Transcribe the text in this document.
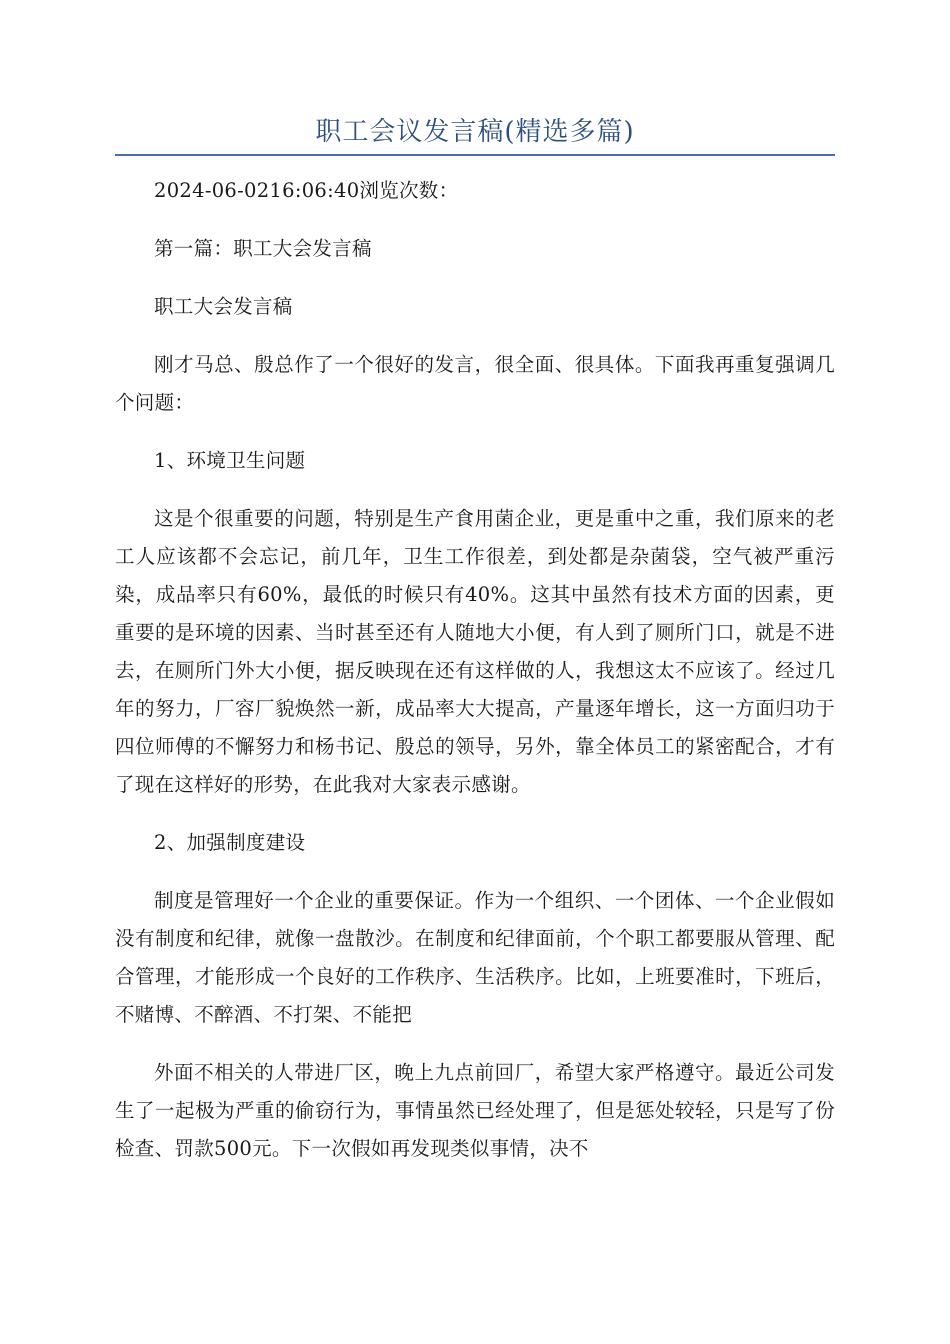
职工会议发言稿(精选多篇)

2024-06-0216:06:40浏览次数：

第一篇：职工大会发言稿

职工大会发言稿

刚才马总、殷总作了一个很好的发言，很全面、很具体。下面我再重复强调几个问题：

1、环境卫生问题

这是个很重要的问题，特别是生产食用菌企业，更是重中之重，我们原来的老工人应该都不会忘记，前几年，卫生工作很差，到处都是杂菌袋，空气被严重污染，成品率只有60%，最低的时候只有40%。这其中虽然有技术方面的因素，更重要的是环境的因素、当时甚至还有人随地大小便，有人到了厕所门口，就是不进去，在厕所门外大小便，据反映现在还有这样做的人，我想这太不应该了。经过几年的努力，厂容厂貌焕然一新，成品率大大提高，产量逐年增长，这一方面归功于四位师傅的不懈努力和杨书记、殷总的领导，另外，靠全体员工的紧密配合，才有了现在这样好的形势，在此我对大家表示感谢。

2、加强制度建设

制度是管理好一个企业的重要保证。作为一个组织、一个团体、一个企业假如没有制度和纪律，就像一盘散沙。在制度和纪律面前，个个职工都要服从管理、配合管理，才能形成一个良好的工作秩序、生活秩序。比如，上班要准时，下班后，不赌博、不醉酒、不打架、不能把

外面不相关的人带进厂区，晚上九点前回厂，希望大家严格遵守。最近公司发生了一起极为严重的偷窃行为，事情虽然已经处理了，但是惩处较轻，只是写了份检查、罚款500元。下一次假如再发现类似事情，决不
